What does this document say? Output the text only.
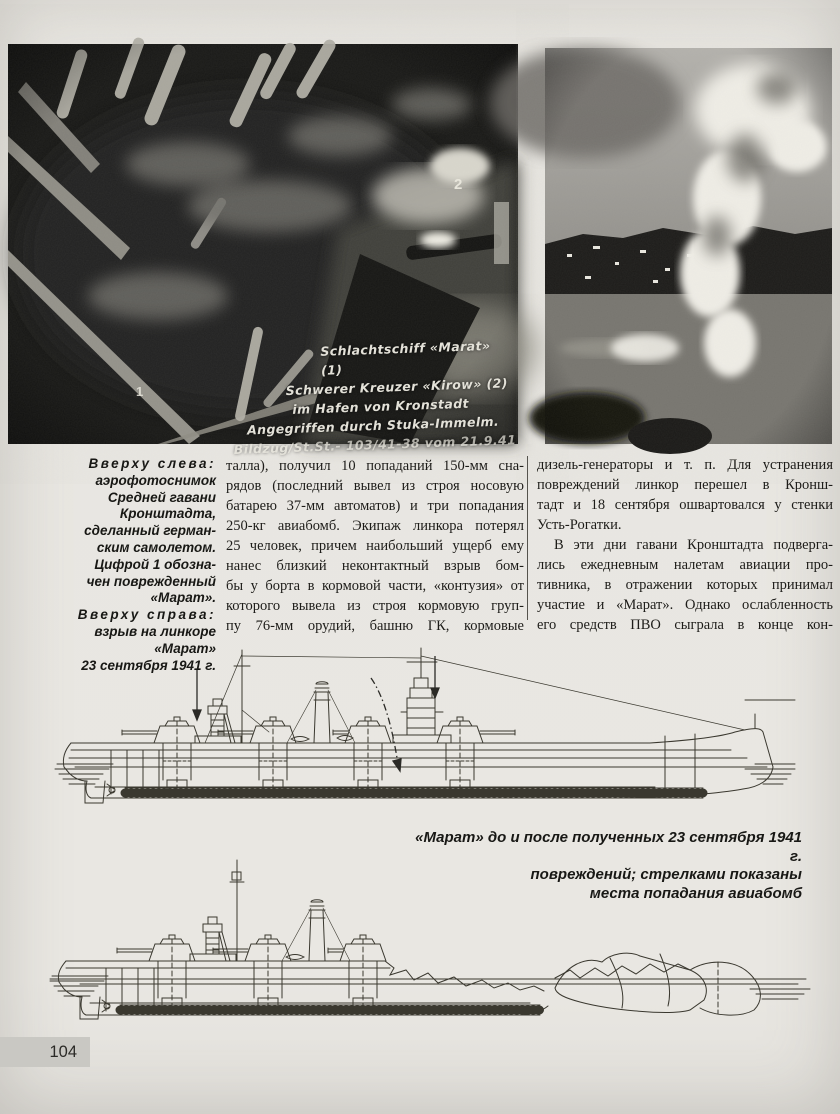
2
1
Schlachtschiff «Marat» (1)
Schwerer Kreuzer «Kirow» (2)
im Hafen von Kronstadt
Angegriffen durch Stuka-Immelm.
Bildzug/St.St.- 103/41-38 vom 21.9.41
Вверху слева:
аэрофотоснимок
Средней гавани
Кронштадта,
сделанный герман-
ским самолетом.
Цифрой 1 обозна-
чен поврежденный
«Марат».
Вверху справа:
взрыв на линкоре
«Марат»
23 сентября 1941 г.
талла), получил 10 попаданий 150-мм сна-
рядов (последний вывел из строя носовую
батарею 37-мм автоматов) и три попадания
250-кг авиабомб. Экипаж линкора потерял
25 человек, причем наибольший ущерб ему
нанес близкий неконтактный взрыв бом-
бы у борта в кормовой части, «контузия» от
которого вывела из строя кормовую груп-
пу 76-мм орудий, башню ГК, кормовые
дизель-генераторы и т. п. Для устранения
повреждений линкор перешел в Кронш-
тадт и 18 сентября ошвартовался у стенки
Усть-Рогатки.
В эти дни гавани Кронштадта подверга-
лись ежедневным налетам авиации про-
тивника, в отражении которых принимал
участие и «Марат». Однако ослабленность
его средств ПВО сыграла в конце кон-
«Марат» до и после полученных 23 сентября 1941 г.
повреждений; стрелками показаны
места попадания авиабомб
104
